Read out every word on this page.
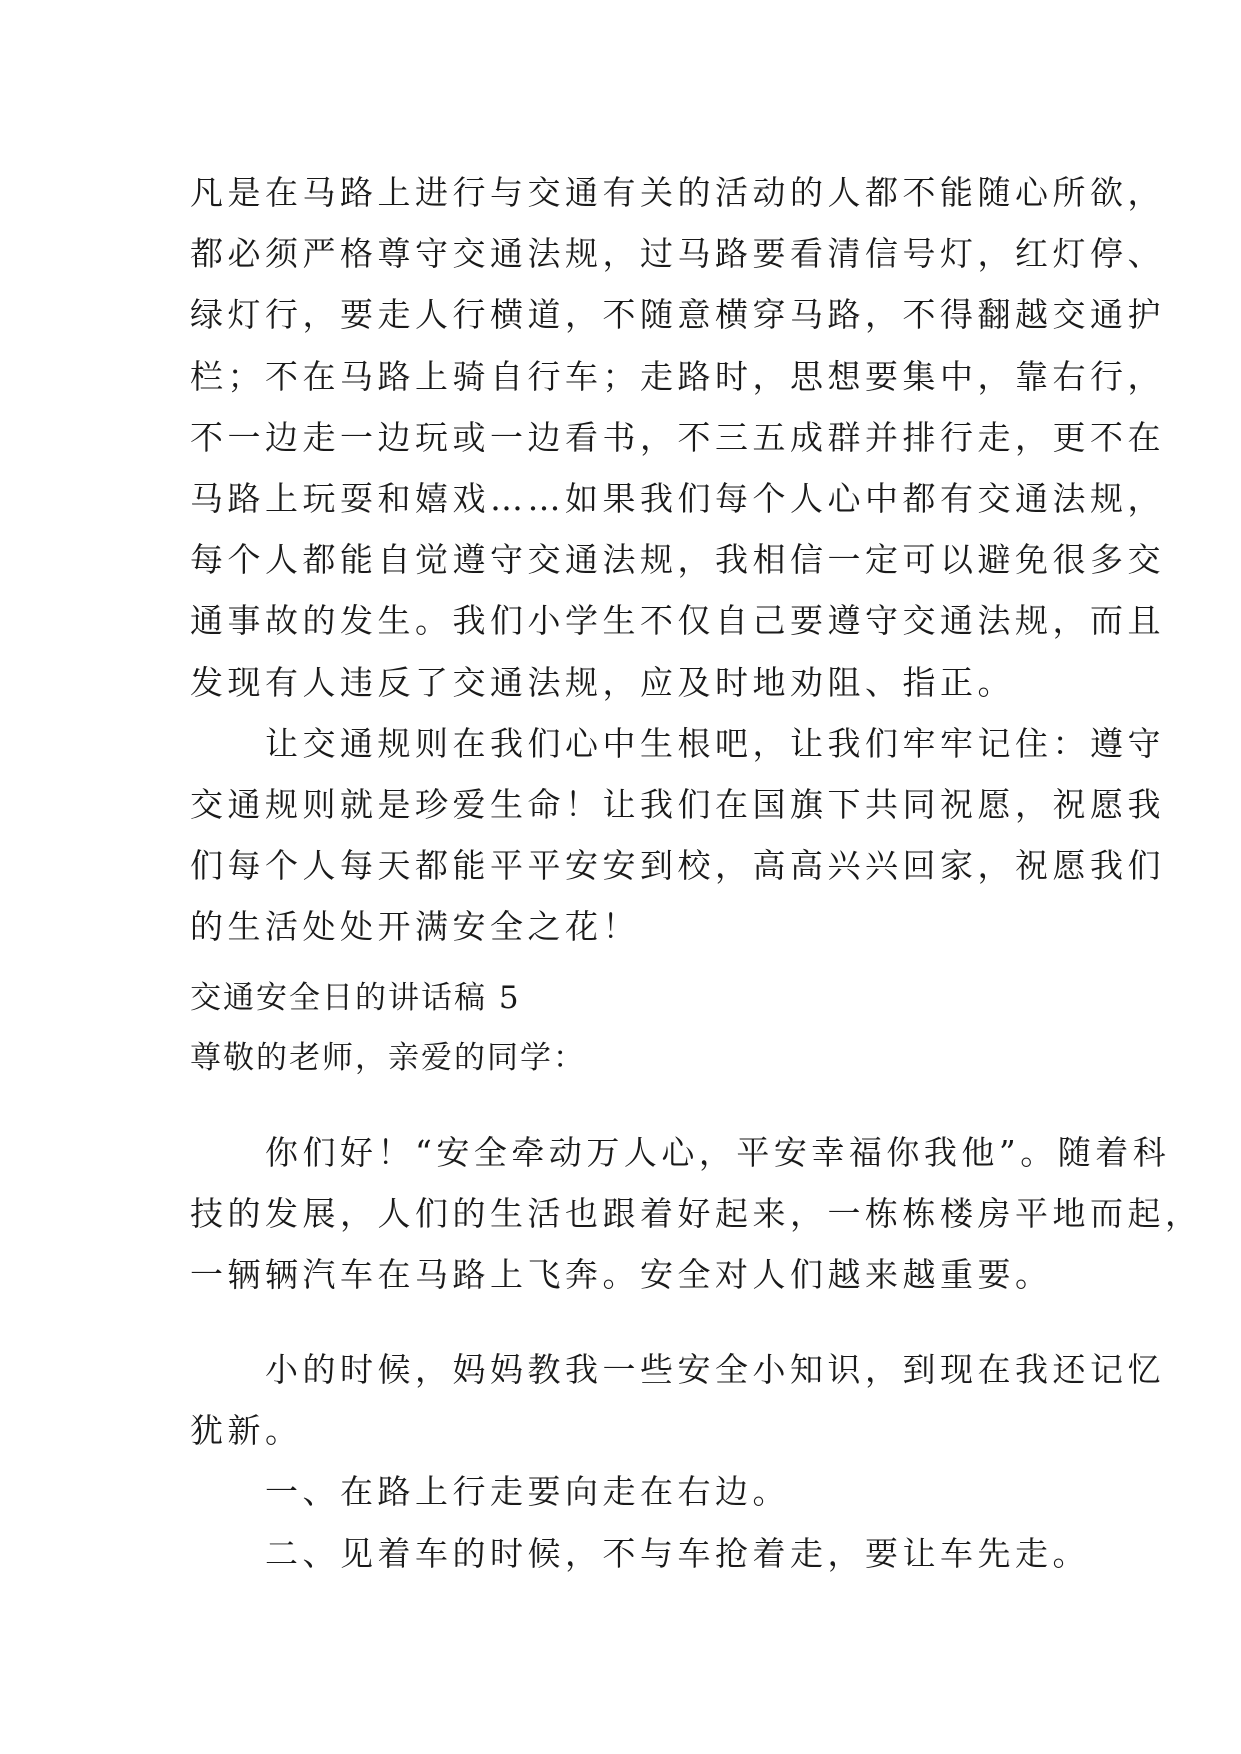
凡是在马路上进行与交通有关的活动的人都不能随心所欲，
都必须严格尊守交通法规，过马路要看清信号灯，红灯停、
绿灯行，要走人行横道，不随意横穿马路，不得翻越交通护
栏；不在马路上骑自行车；走路时，思想要集中，靠右行，
不一边走一边玩或一边看书，不三五成群并排行走，更不在
马路上玩耍和嬉戏……如果我们每个人心中都有交通法规，
每个人都能自觉遵守交通法规，我相信一定可以避免很多交
通事故的发生。我们小学生不仅自己要遵守交通法规，而且
发现有人违反了交通法规，应及时地劝阻、指正。
　　让交通规则在我们心中生根吧，让我们牢牢记住：遵守
交通规则就是珍爱生命！让我们在国旗下共同祝愿，祝愿我
们每个人每天都能平平安安到校，高高兴兴回家，祝愿我们
的生活处处开满安全之花！
交通安全日的讲话稿 5
尊敬的老师，亲爱的同学：
　　你们好！“安全牵动万人心，平安幸福你我他”。随着科
技的发展，人们的生活也跟着好起来，一栋栋楼房平地而起，
一辆辆汽车在马路上飞奔。安全对人们越来越重要。
　　小的时候，妈妈教我一些安全小知识，到现在我还记忆
犹新。
　　一、在路上行走要向走在右边。
　　二、见着车的时候，不与车抢着走，要让车先走。
